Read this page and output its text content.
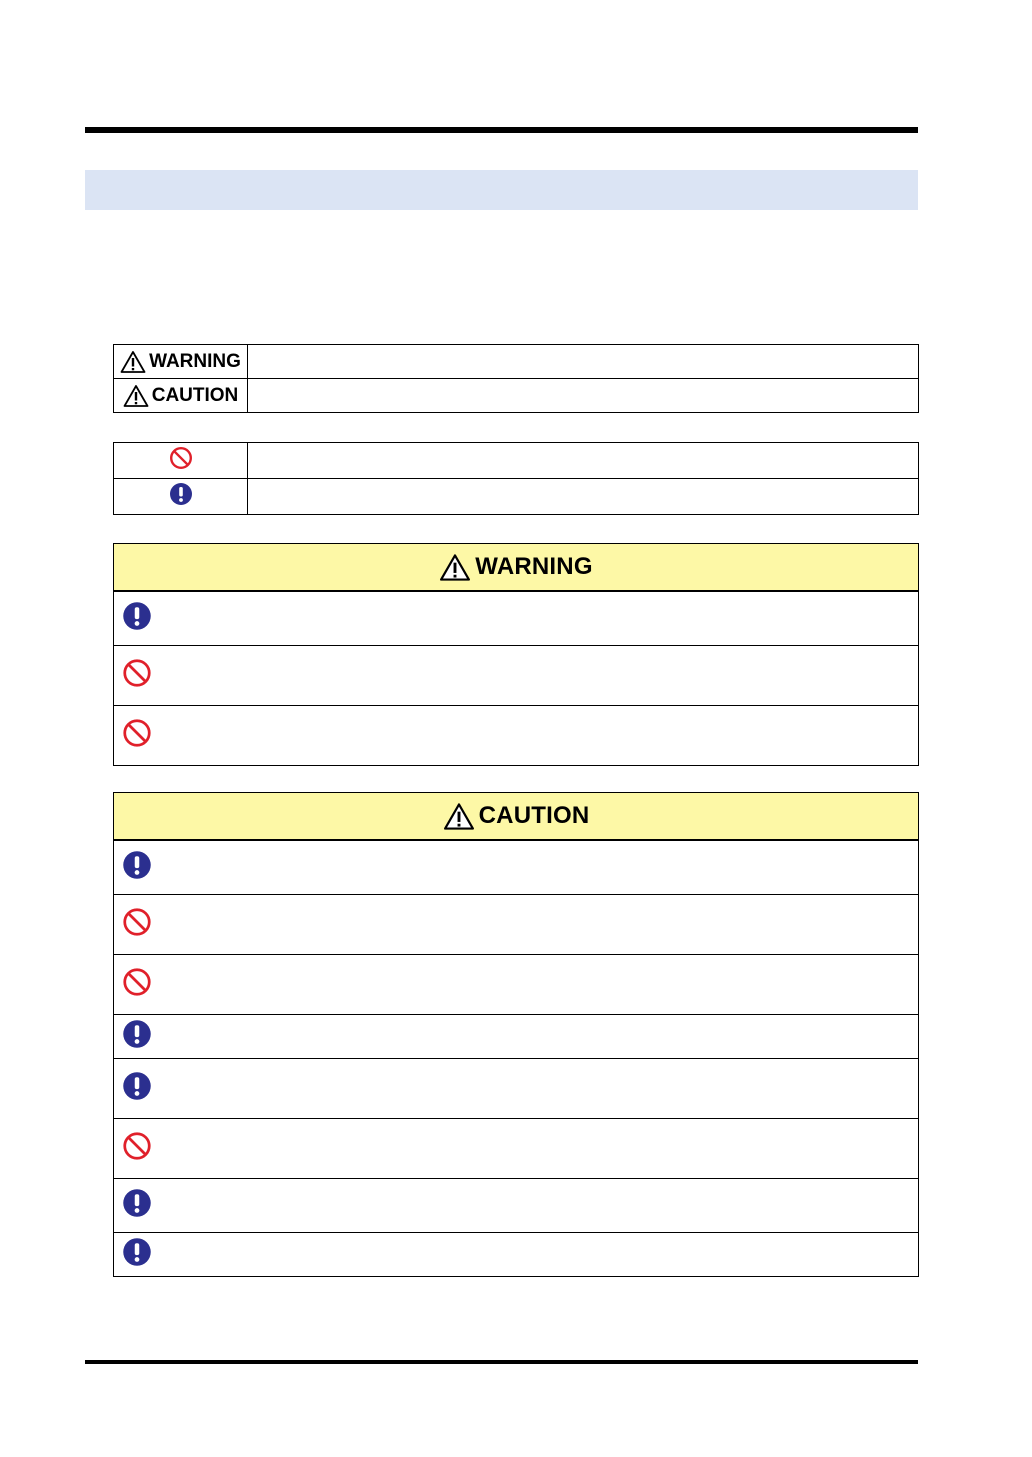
WARNING	

CAUTION	

WARNING
CAUTION
